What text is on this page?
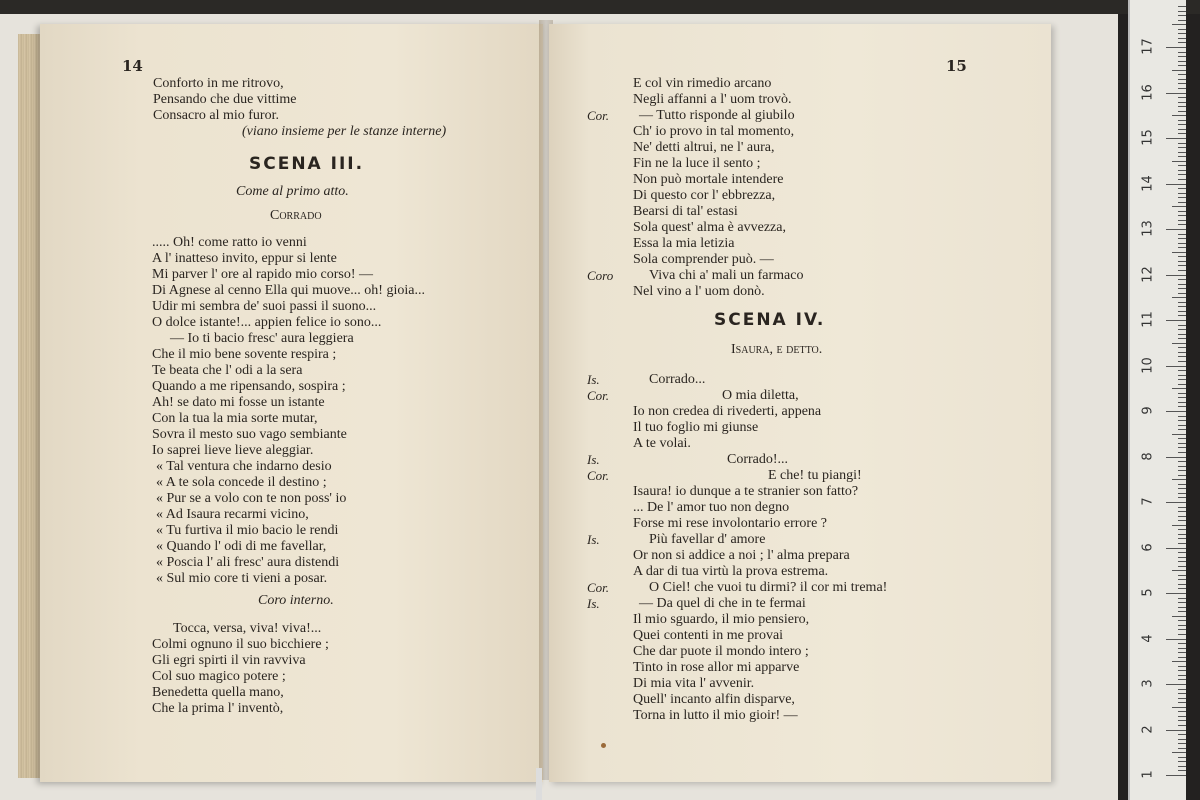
14
Conforto in me ritrovo,
Pensando che due vittime
Consacro al mio furor.
(viano insieme per le stanze interne)
SCENA III.
Come al primo atto.
Corrado
..... Oh! come ratto io venni
A l' inatteso invito, eppur si lente
Mi parver l' ore al rapido mio corso! —
Di Agnese al cenno Ella qui muove... oh! gioia...
Udir mi sembra de' suoi passi il suono...
O dolce istante!... appien felice io sono...
— Io ti bacio fresc' aura leggiera
Che il mio bene sovente respira ;
Te beata che l' odi a la sera
Quando a me ripensando, sospira ;
Ah! se dato mi fosse un istante
Con la tua la mia sorte mutar,
Sovra il mesto suo vago sembiante
Io saprei lieve lieve aleggiar.
« Tal ventura che indarno desio
« A te sola concede il destino ;
« Pur se a volo con te non poss' io
« Ad Isaura recarmi vicino,
« Tu furtiva il mio bacio le rendi
« Quando l' odi di me favellar,
« Poscia l' ali fresc' aura distendi
« Sul mio core ti vieni a posar.
Coro interno.
Tocca, versa, viva! viva!...
Colmi ognuno il suo bicchiere ;
Gli egri spirti il vin ravviva
Col suo magico potere ;
Benedetta quella mano,
Che la prima l' inventò,
15
E col vin rimedio arcano
Negli affanni a l' uom trovò.
— Tutto risponde al giubilo
Ch' io provo in tal momento,
Ne' detti altrui, ne l' aura,
Fin ne la luce il sento ;
Non può mortale intendere
Di questo cor l' ebbrezza,
Bearsi di tal' estasi
Sola quest' alma è avvezza,
Essa la mia letizia
Sola comprender può. —
Viva chi a' mali un farmaco
Nel vino a l' uom donò.
SCENA IV.
Isaura, e detto.
Corrado...
O mia diletta,
Io non credea di rivederti, appena
Il tuo foglio mi giunse
A te volai.
Corrado!...
E che! tu piangi!
Isaura! io dunque a te stranier son fatto?
... De l' amor tuo non degno
Forse mi rese involontario errore ?
Più favellar d' amore
Or non si addice a noi ; l' alma prepara
A dar di tua virtù la prova estrema.
O Ciel! che vuoi tu dirmi? il cor mi trema!
— Da quel di che in te fermai
Il mio sguardo, il mio pensiero,
Quei contenti in me provai
Che dar puote il mondo intero ;
Tinto in rose allor mi apparve
Di mia vita l' avvenir.
Quell' incanto alfin disparve,
Torna in lutto il mio gioir! —
Cor.
Coro
Is.
Cor.
Is.
Cor.
Is.
Cor.
Is.
1
2
3
4
5
6
7
8
9
10
11
12
13
14
15
16
17
